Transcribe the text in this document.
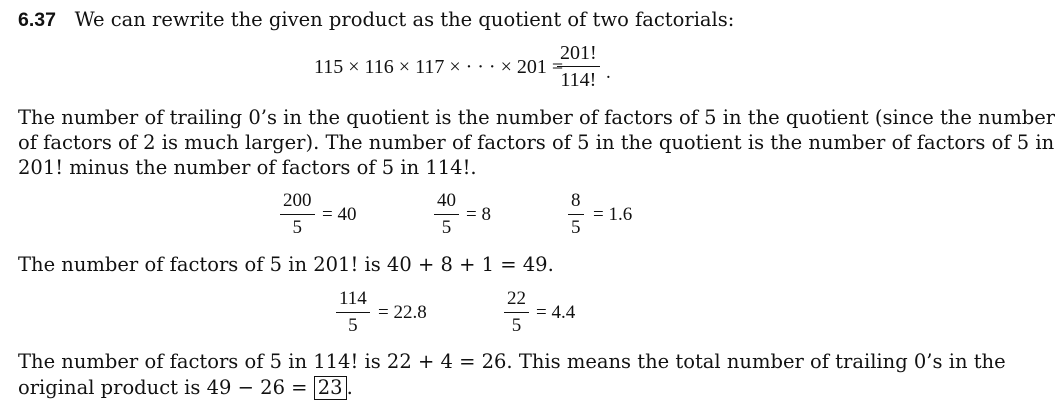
6.37 We can rewrite the given product as the quotient of two factorials:
115 × 116 × 117 × · · · × 201 =
$\frac{201!}{114!}$ .
The number of trailing 0’s in the quotient is the number of factors of 5 in the quotient (since the number
of factors of 2 is much larger). The number of factors of 5 in the quotient is the number of factors of 5 in
201! minus the number of factors of 5 in 114!.
$\frac{200}{5} = 40$	$\frac{40}{5} = 8$	$\frac{8}{5} = 1.6$
The number of factors of 5 in 201! is 40 + 8 + 1 = 49.
$\frac{114}{5} = 22.8$	$\frac{22}{5} = 4.4$
The number of factors of 5 in 114! is 22 + 4 = 26. This means the total number of trailing 0’s in the
original product is 49 − 26 = 23 .
